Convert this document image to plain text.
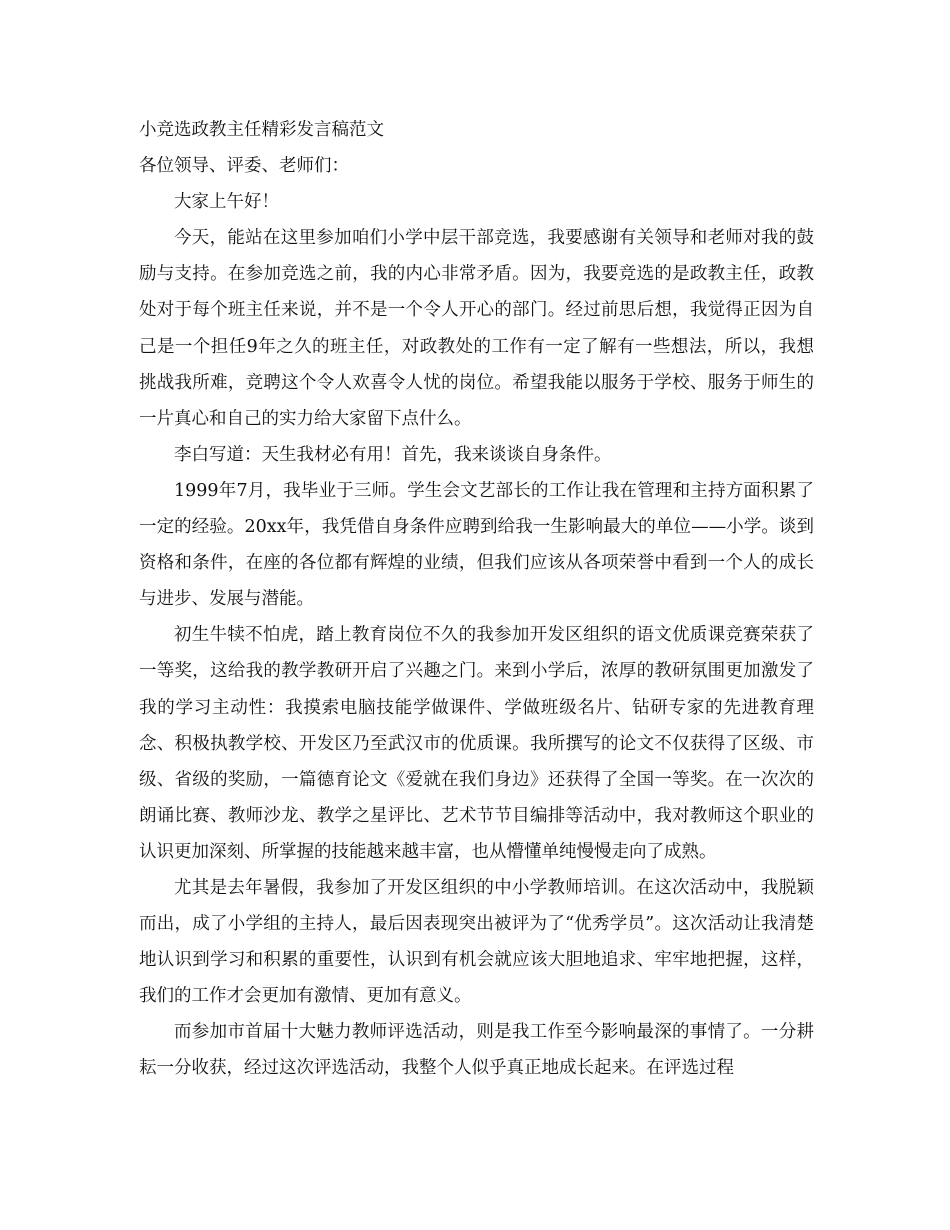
小竞选政教主任精彩发言稿范文

各位领导、评委、老师们：

大家上午好！

今天，能站在这里参加咱们小学中层干部竞选，我要感谢有关领导和老师对我的鼓励与支持。在参加竞选之前，我的内心非常矛盾。因为，我要竞选的是政教主任，政教处对于每个班主任来说，并不是一个令人开心的部门。经过前思后想，我觉得正因为自己是一个担任9年之久的班主任，对政教处的工作有一定了解有一些想法，所以，我想挑战我所难，竞聘这个令人欢喜令人忧的岗位。希望我能以服务于学校、服务于师生的一片真心和自己的实力给大家留下点什么。

李白写道：天生我材必有用！首先，我来谈谈自身条件。

1999年7月，我毕业于三师。学生会文艺部长的工作让我在管理和主持方面积累了一定的经验。20xx年，我凭借自身条件应聘到给我一生影响最大的单位——小学。谈到资格和条件，在座的各位都有辉煌的业绩，但我们应该从各项荣誉中看到一个人的成长与进步、发展与潜能。

初生牛犊不怕虎，踏上教育岗位不久的我参加开发区组织的语文优质课竞赛荣获了一等奖，这给我的教学教研开启了兴趣之门。来到小学后，浓厚的教研氛围更加激发了我的学习主动性：我摸索电脑技能学做课件、学做班级名片、钻研专家的先进教育理念、积极执教学校、开发区乃至武汉市的优质课。我所撰写的论文不仅获得了区级、市级、省级的奖励，一篇德育论文《爱就在我们身边》还获得了全国一等奖。在一次次的朗诵比赛、教师沙龙、教学之星评比、艺术节节目编排等活动中，我对教师这个职业的认识更加深刻、所掌握的技能越来越丰富，也从懵懂单纯慢慢走向了成熟。

尤其是去年暑假，我参加了开发区组织的中小学教师培训。在这次活动中，我脱颖而出，成了小学组的主持人，最后因表现突出被评为了“优秀学员”。这次活动让我清楚地认识到学习和积累的重要性，认识到有机会就应该大胆地追求、牢牢地把握，这样，我们的工作才会更加有激情、更加有意义。

而参加市首届十大魅力教师评选活动，则是我工作至今影响最深的事情了。一分耕耘一分收获，经过这次评选活动，我整个人似乎真正地成长起来。在评选过程
